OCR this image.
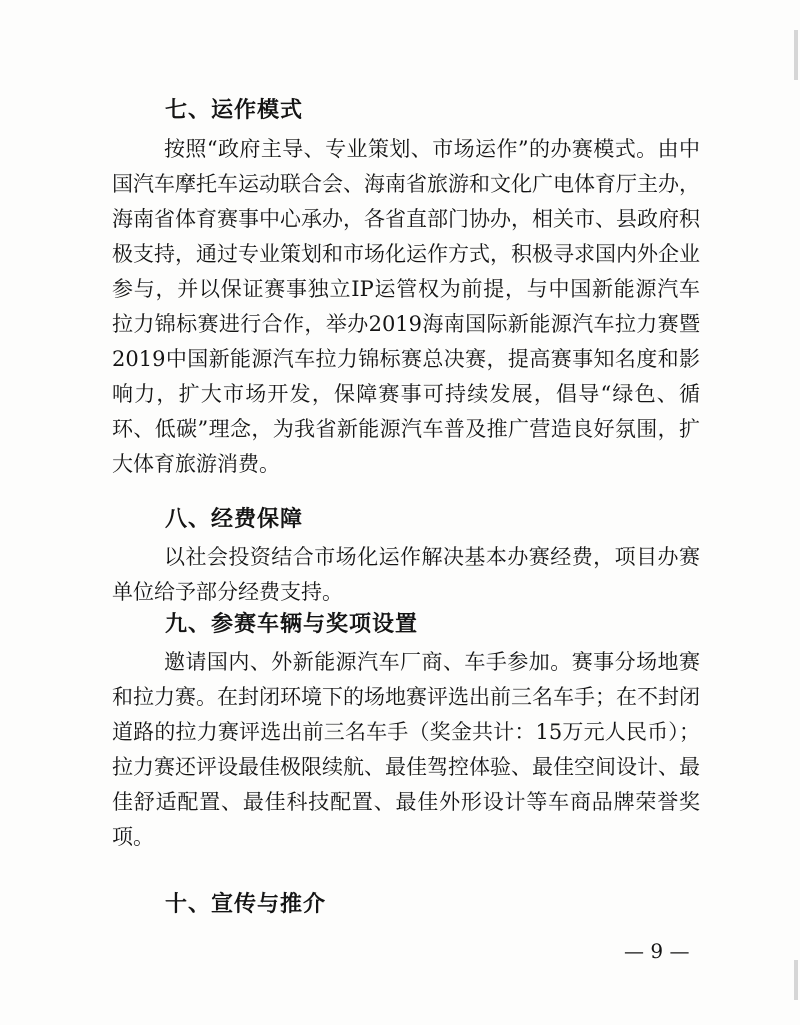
七、运作模式

按照“政府主导、专业策划、市场运作”的办赛模式。由中国汽车摩托车运动联合会、海南省旅游和文化广电体育厅主办，海南省体育赛事中心承办，各省直部门协办，相关市、县政府积极支持，通过专业策划和市场化运作方式，积极寻求国内外企业参与，并以保证赛事独立IP运管权为前提，与中国新能源汽车拉力锦标赛进行合作，举办2019海南国际新能源汽车拉力赛暨2019中国新能源汽车拉力锦标赛总决赛，提高赛事知名度和影响力，扩大市场开发，保障赛事可持续发展，倡导“绿色、循环、低碳”理念，为我省新能源汽车普及推广营造良好氛围，扩大体育旅游消费。

八、经费保障

以社会投资结合市场化运作解决基本办赛经费，项目办赛单位给予部分经费支持。

九、参赛车辆与奖项设置

邀请国内、外新能源汽车厂商、车手参加。赛事分场地赛和拉力赛。在封闭环境下的场地赛评选出前三名车手；在不封闭道路的拉力赛评选出前三名车手（奖金共计：15万元人民币）；拉力赛还评设最佳极限续航、最佳驾控体验、最佳空间设计、最佳舒适配置、最佳科技配置、最佳外形设计等车商品牌荣誉奖项。

十、宣传与推介
— 9 —
